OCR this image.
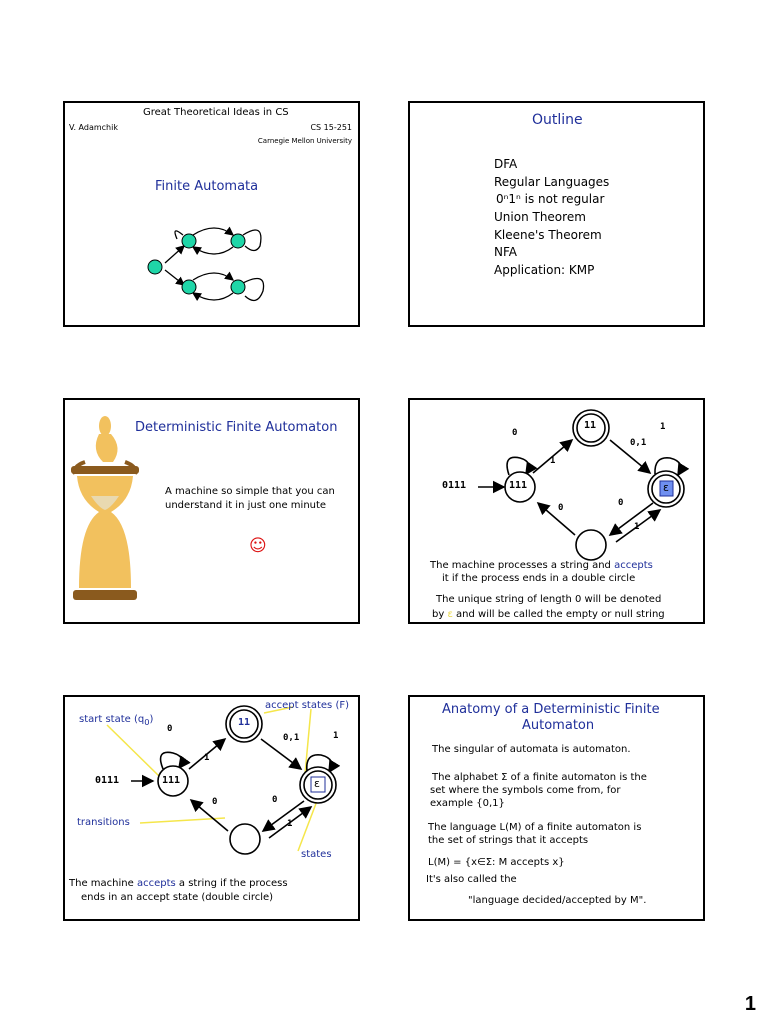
Great Theoretical Ideas in CS
V. Adamchik	CS 15-251
Carnegie Mellon University
Finite Automata
Outline
DFA
Regular Languages
0ⁿ1ⁿ is not regular
Union Theorem
Kleene's Theorem
NFA
Application: KMP
Deterministic Finite Automaton
A machine so simple that you can
understand it in just one minute
☺
11
111	ε
0111
0
1
0,1
1
0	0
1
The machine processes a string and accepts
it if the process ends in a double circle
The unique string of length 0 will be denoted
by ε and will be called the empty or null string
start state $(q_0)$
accept states (F)
transitions
states
11
111	ε
0111
0
1
0,1	1
0	0
1
The machine accepts a string if the process
ends in an accept state (double circle)
Anatomy of a Deterministic Finite
Automaton
The singular of automata is automaton.
The alphabet Σ of a finite automaton is the
set where the symbols come from, for
example {0,1}
The language L(M) of a finite automaton is
the set of strings that it accepts
L(M) = {x∈Σ: M accepts x}
It's also called the
"language decided/accepted by M".
1
